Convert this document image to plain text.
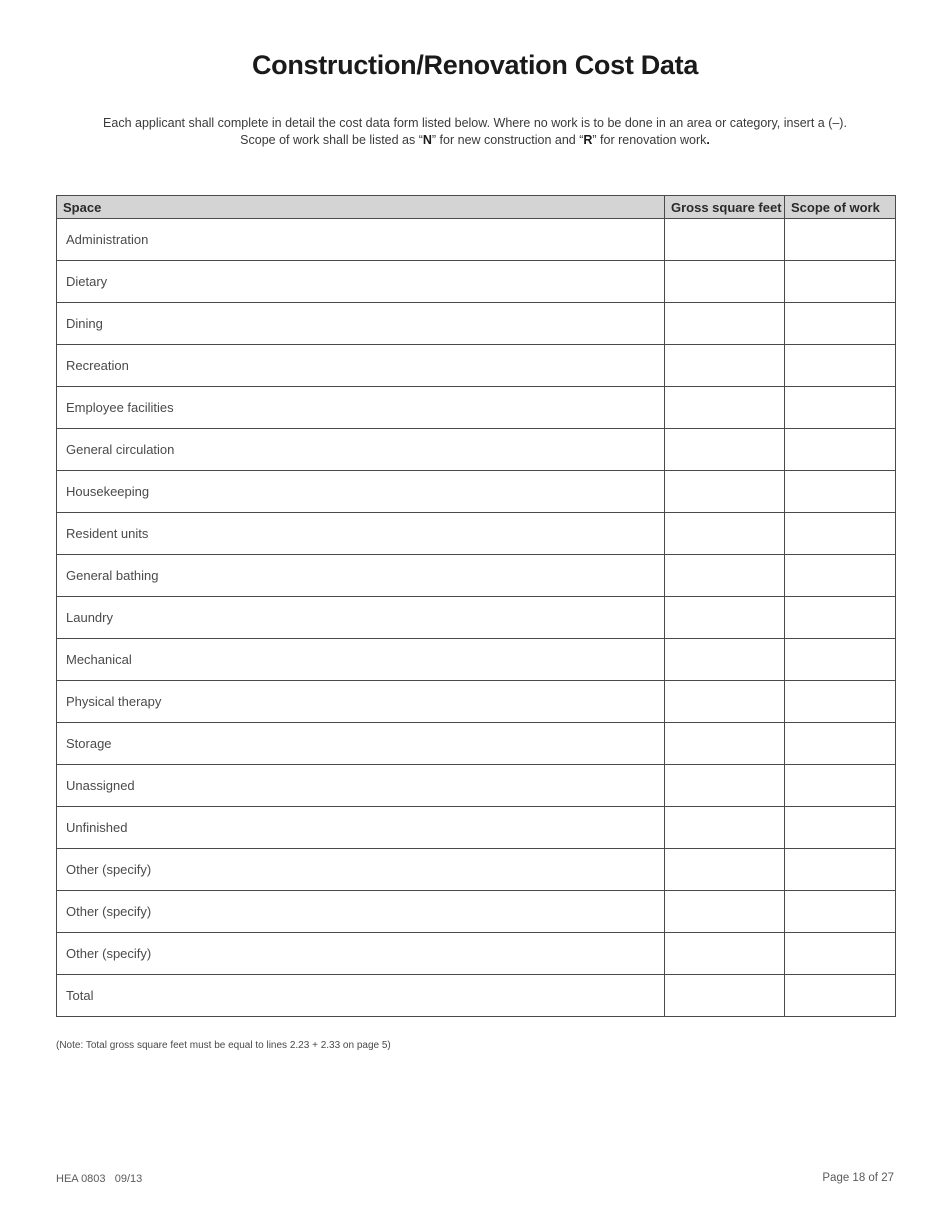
Construction/Renovation Cost Data
Each applicant shall complete in detail the cost data form listed below. Where no work is to be done in an area or category, insert a (–).
Scope of work shall be listed as “N” for new construction and “R” for renovation work.
Space	Gross square feet	Scope of work
Administration		
Dietary		
Dining		
Recreation		
Employee facilities		
General circulation		
Housekeeping		
Resident units		
General bathing		
Laundry		
Mechanical		
Physical therapy		
Storage		
Unassigned		
Unfinished		
Other (specify)		
Other (specify)		
Other (specify)		
Total		
(Note: Total gross square feet must be equal to lines 2.23 + 2.33 on page 5)
HEA 0803   09/13	Page 18 of 27
